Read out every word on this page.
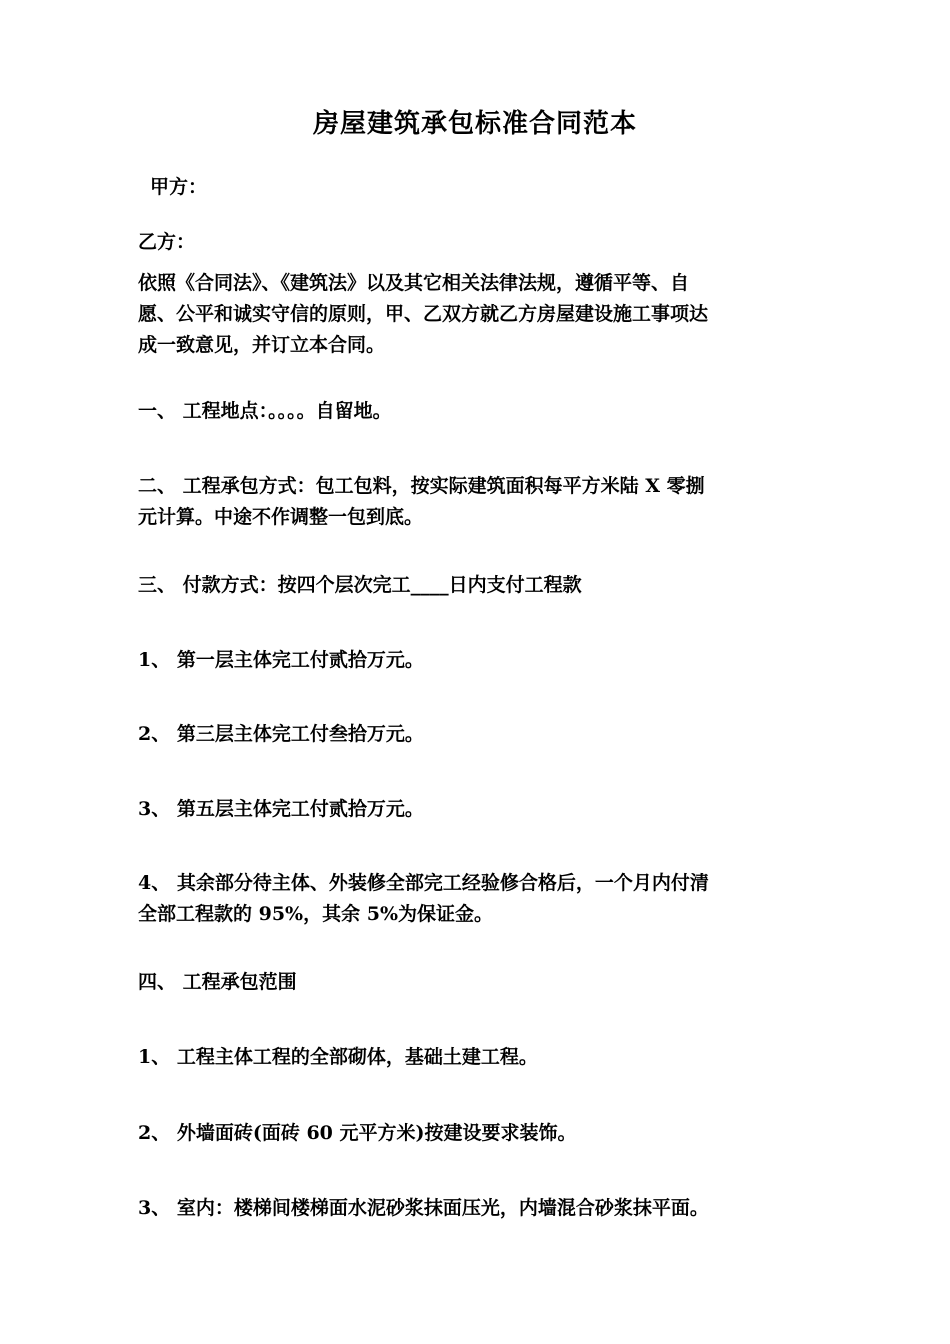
房屋建筑承包标准合同范本
甲方：
乙方：
依照《合同法》、《建筑法》以及其它相关法律法规，遵循平等、自
愿、公平和诚实守信的原则，甲、乙双方就乙方房屋建设施工事项达
成一致意见，并订立本合同。
一、 工程地点：。。。。自留地。
二、 工程承包方式：包工包料，按实际建筑面积每平方米陆 X 零捌
元计算。中途不作调整一包到底。
三、 付款方式：按四个层次完工____日内支付工程款
1、 第一层主体完工付贰拾万元。
2、 第三层主体完工付叁拾万元。
3、 第五层主体完工付贰拾万元。
4、 其余部分待主体、外装修全部完工经验修合格后，一个月内付清
全部工程款的 95%，其余 5%为保证金。
四、 工程承包范围
1、 工程主体工程的全部砌体，基础土建工程。
2、 外墙面砖(面砖 60 元平方米)按建设要求装饰。
3、 室内：楼梯间楼梯面水泥砂浆抹面压光，内墙混合砂浆抹平面。
